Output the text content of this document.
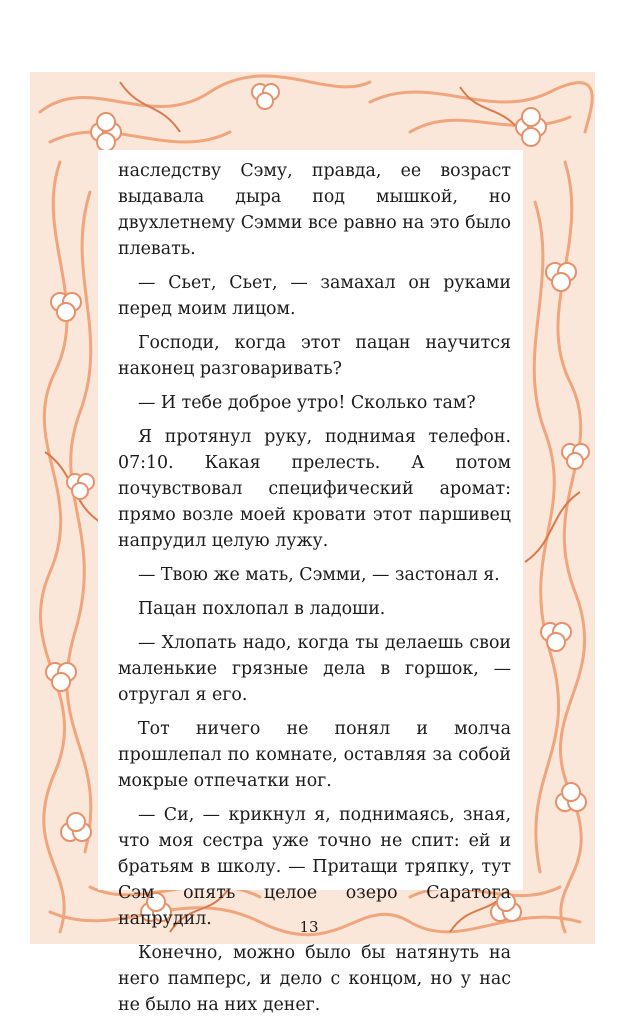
наследству Сэму, правда, ее возраст выдавала дыра под мышкой, но двухлетнему Сэмми все равно на это было плевать.

— Сьет, Сьет, — замахал он руками перед моим лицом.

Господи, когда этот пацан научится наконец разговаривать?

— И тебе доброе утро! Сколько там?

Я протянул руку, поднимая телефон. 07:10. Какая прелесть. А потом почувствовал специфический аромат: прямо возле моей кровати этот паршивец напрудил целую лужу.

— Твою же мать, Сэмми, — застонал я.

Пацан похлопал в ладоши.

— Хлопать надо, когда ты делаешь свои маленькие грязные дела в горшок, — отругал я его.

Тот ничего не понял и молча прошлепал по комнате, оставляя за собой мокрые отпечатки ног.

— Си, — крикнул я, поднимаясь, зная, что моя сестра уже точно не спит: ей и братьям в школу. — Притащи тряпку, тут Сэм опять целое озеро Саратога напрудил.

Конечно, можно было бы натянуть на него памперс, и дело с концом, но у нас не было на них денег.

13
